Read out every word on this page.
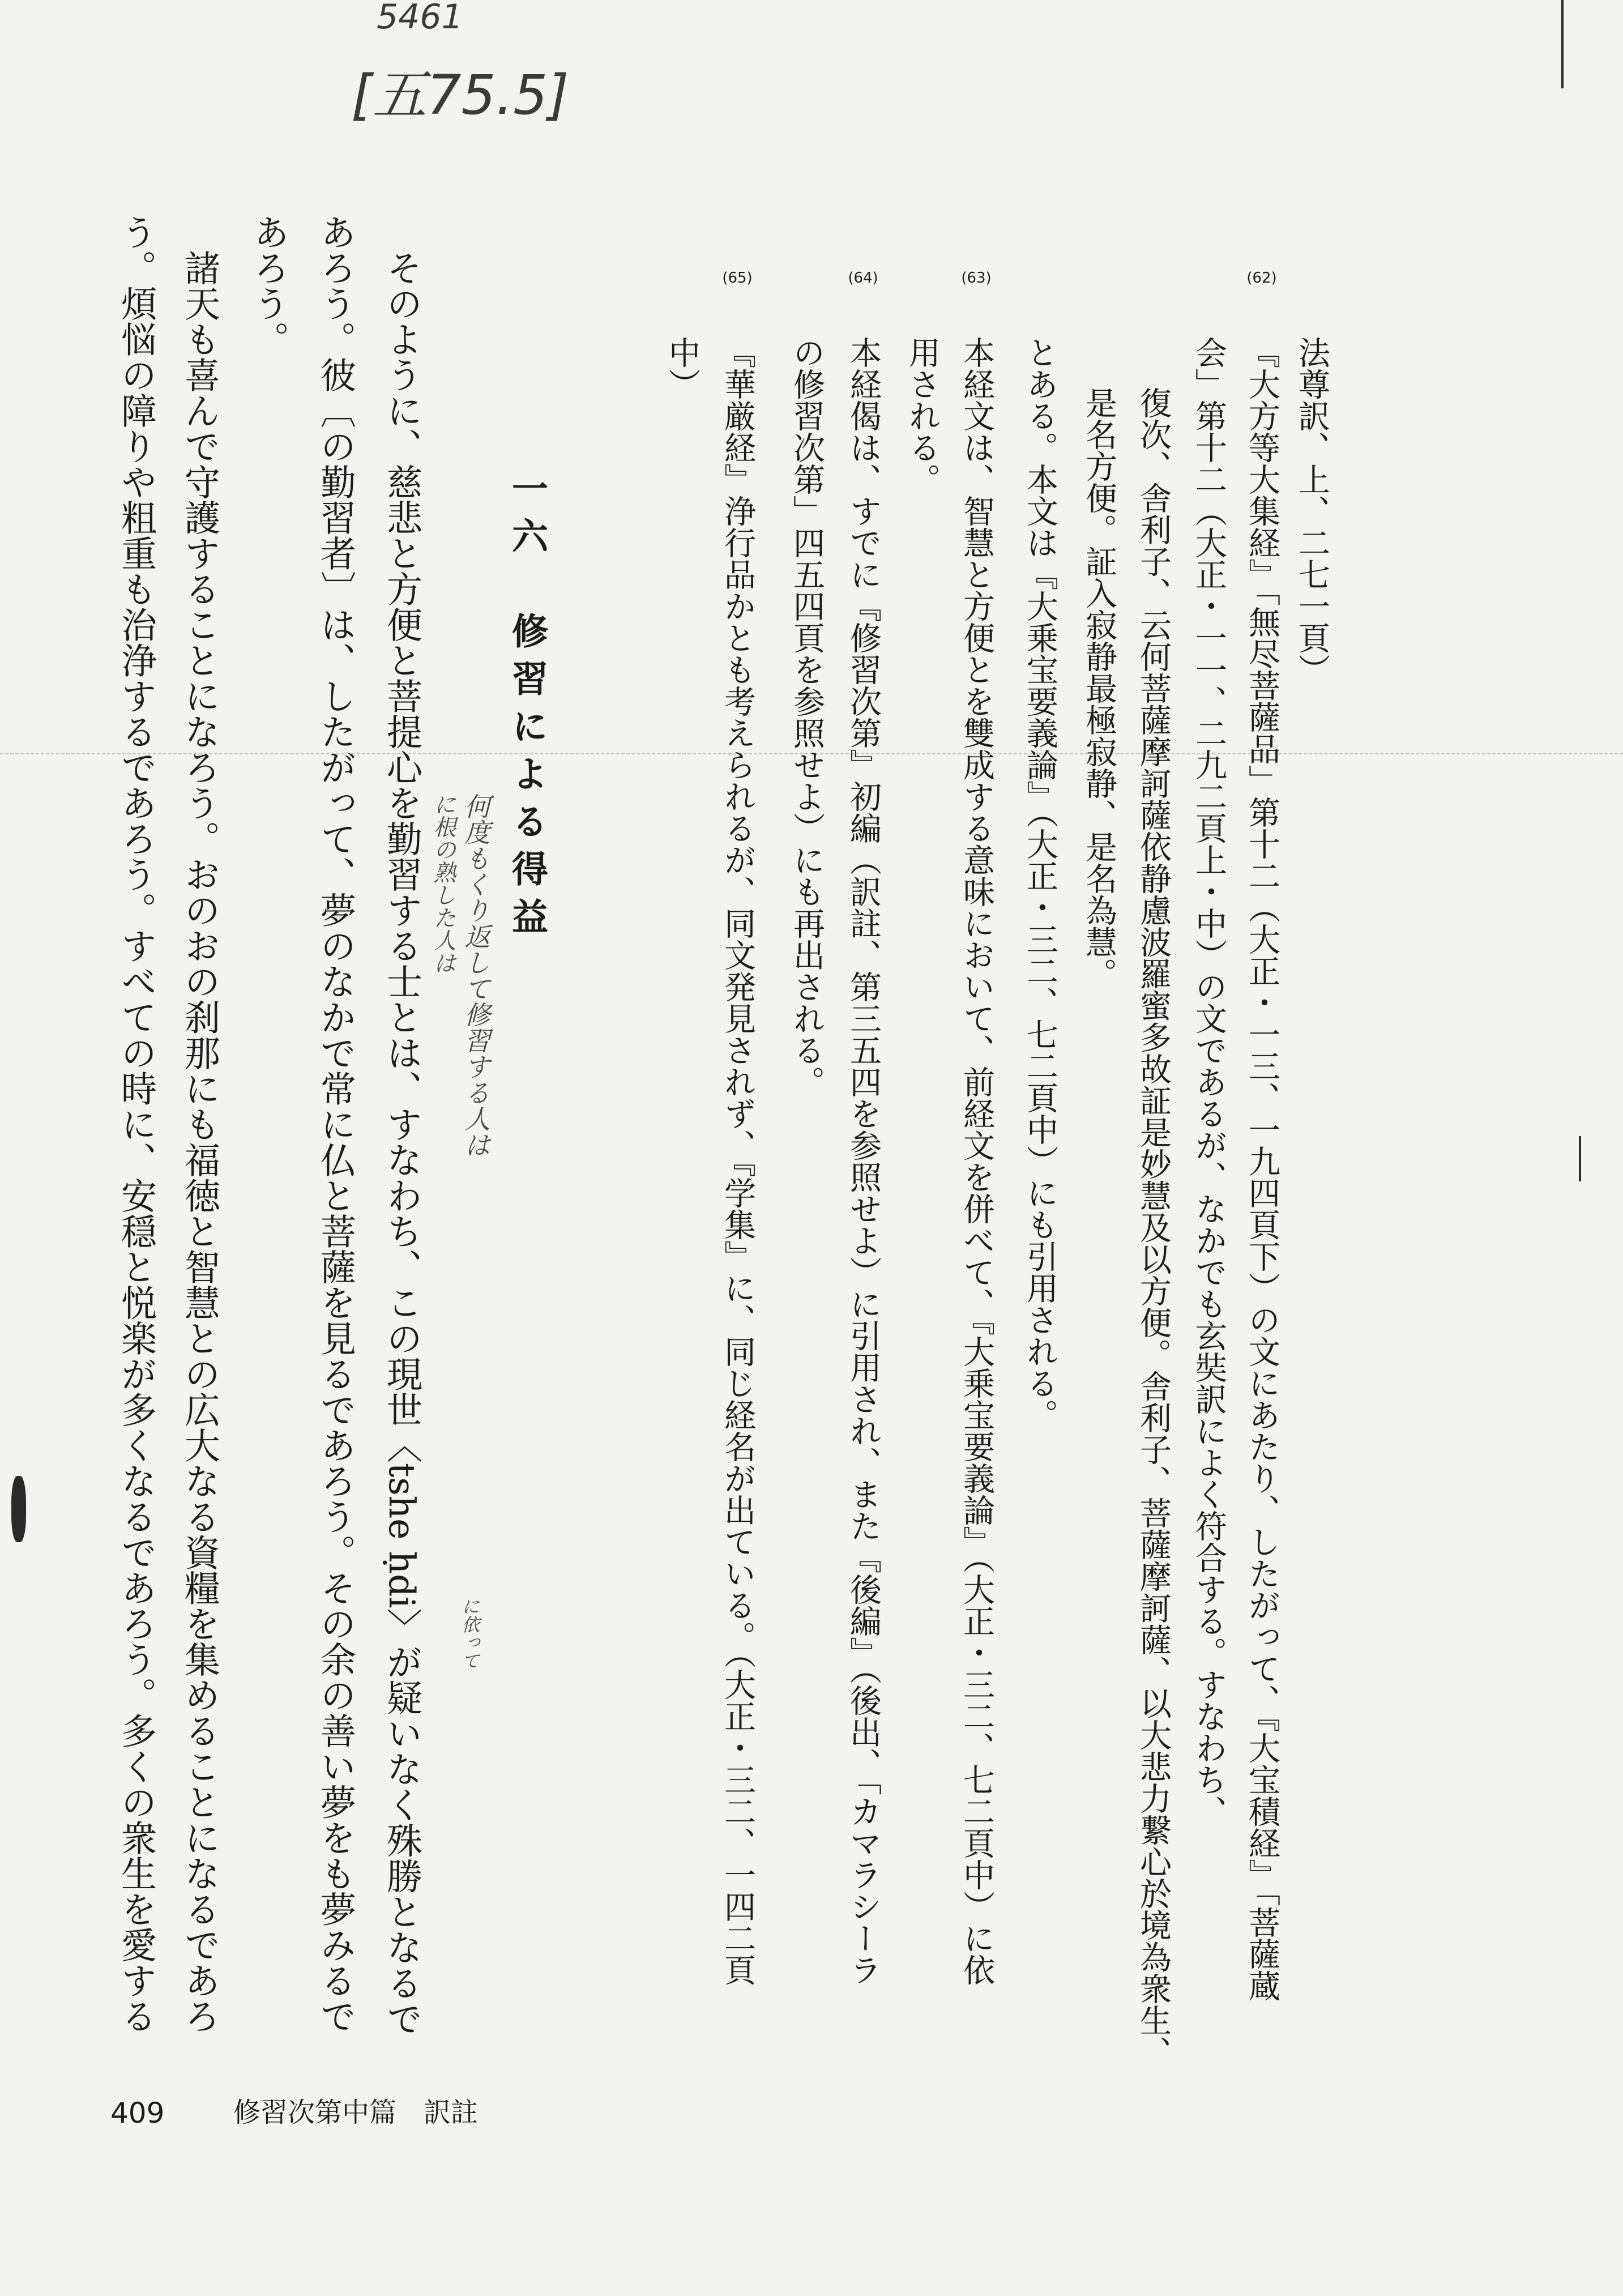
5461
[五75.5]
法尊訳、上、二七一頁）
(62)
『大方等大集経』「無尽菩薩品」第十二（大正・一三、一九四頁下）の文にあたり、したがって、『大宝積経』「菩薩蔵
会」第十二（大正・一一、二九二頁上・中）の文であるが、なかでも玄奘訳によく符合する。すなわち、
復次、舎利子、云何菩薩摩訶薩依静慮波羅蜜多故証是妙慧及以方便。舎利子、菩薩摩訶薩、以大悲力繋心於境為衆生、
是名方便。証入寂静最極寂静、是名為慧。
とある。本文は『大乗宝要義論』（大正・三二、七二頁中）にも引用される。
(63)
本経文は、智慧と方便とを雙成する意味において、前経文を併べて、『大乗宝要義論』（大正・三二、七二頁中）に依
用される。
(64)
本経偈は、すでに『修習次第』初編（訳註、第三五四を参照せよ）に引用され、また『後編』（後出、「カマラシーラ
の修習次第」四五四頁を参照せよ）にも再出される。
(65)
『華厳経』浄行品かとも考えられるが、同文発見されず、『学集』に、同じ経名が出ている。（大正・三二、一四二頁
中）
一六修習による得益
何度もくり返して修習する人は
に根の熟した人は
に依って
そのように、慈悲と方便と菩提心を勤習する士とは、すなわち、この現世〈tshe ḥdi〉が疑いなく殊勝となるで
あろう。彼〔の勤習者〕は、したがって、夢のなかで常に仏と菩薩を見るであろう。その余の善い夢をも夢みるで
あろう。
諸天も喜んで守護することになろう。おのおの刹那にも福徳と智慧との広大なる資糧を集めることになるであろ
う。煩悩の障りや粗重も治浄するであろう。すべての時に、安穏と悦楽が多くなるであろう。多くの衆生を愛する
409	修習次第中篇　訳註
